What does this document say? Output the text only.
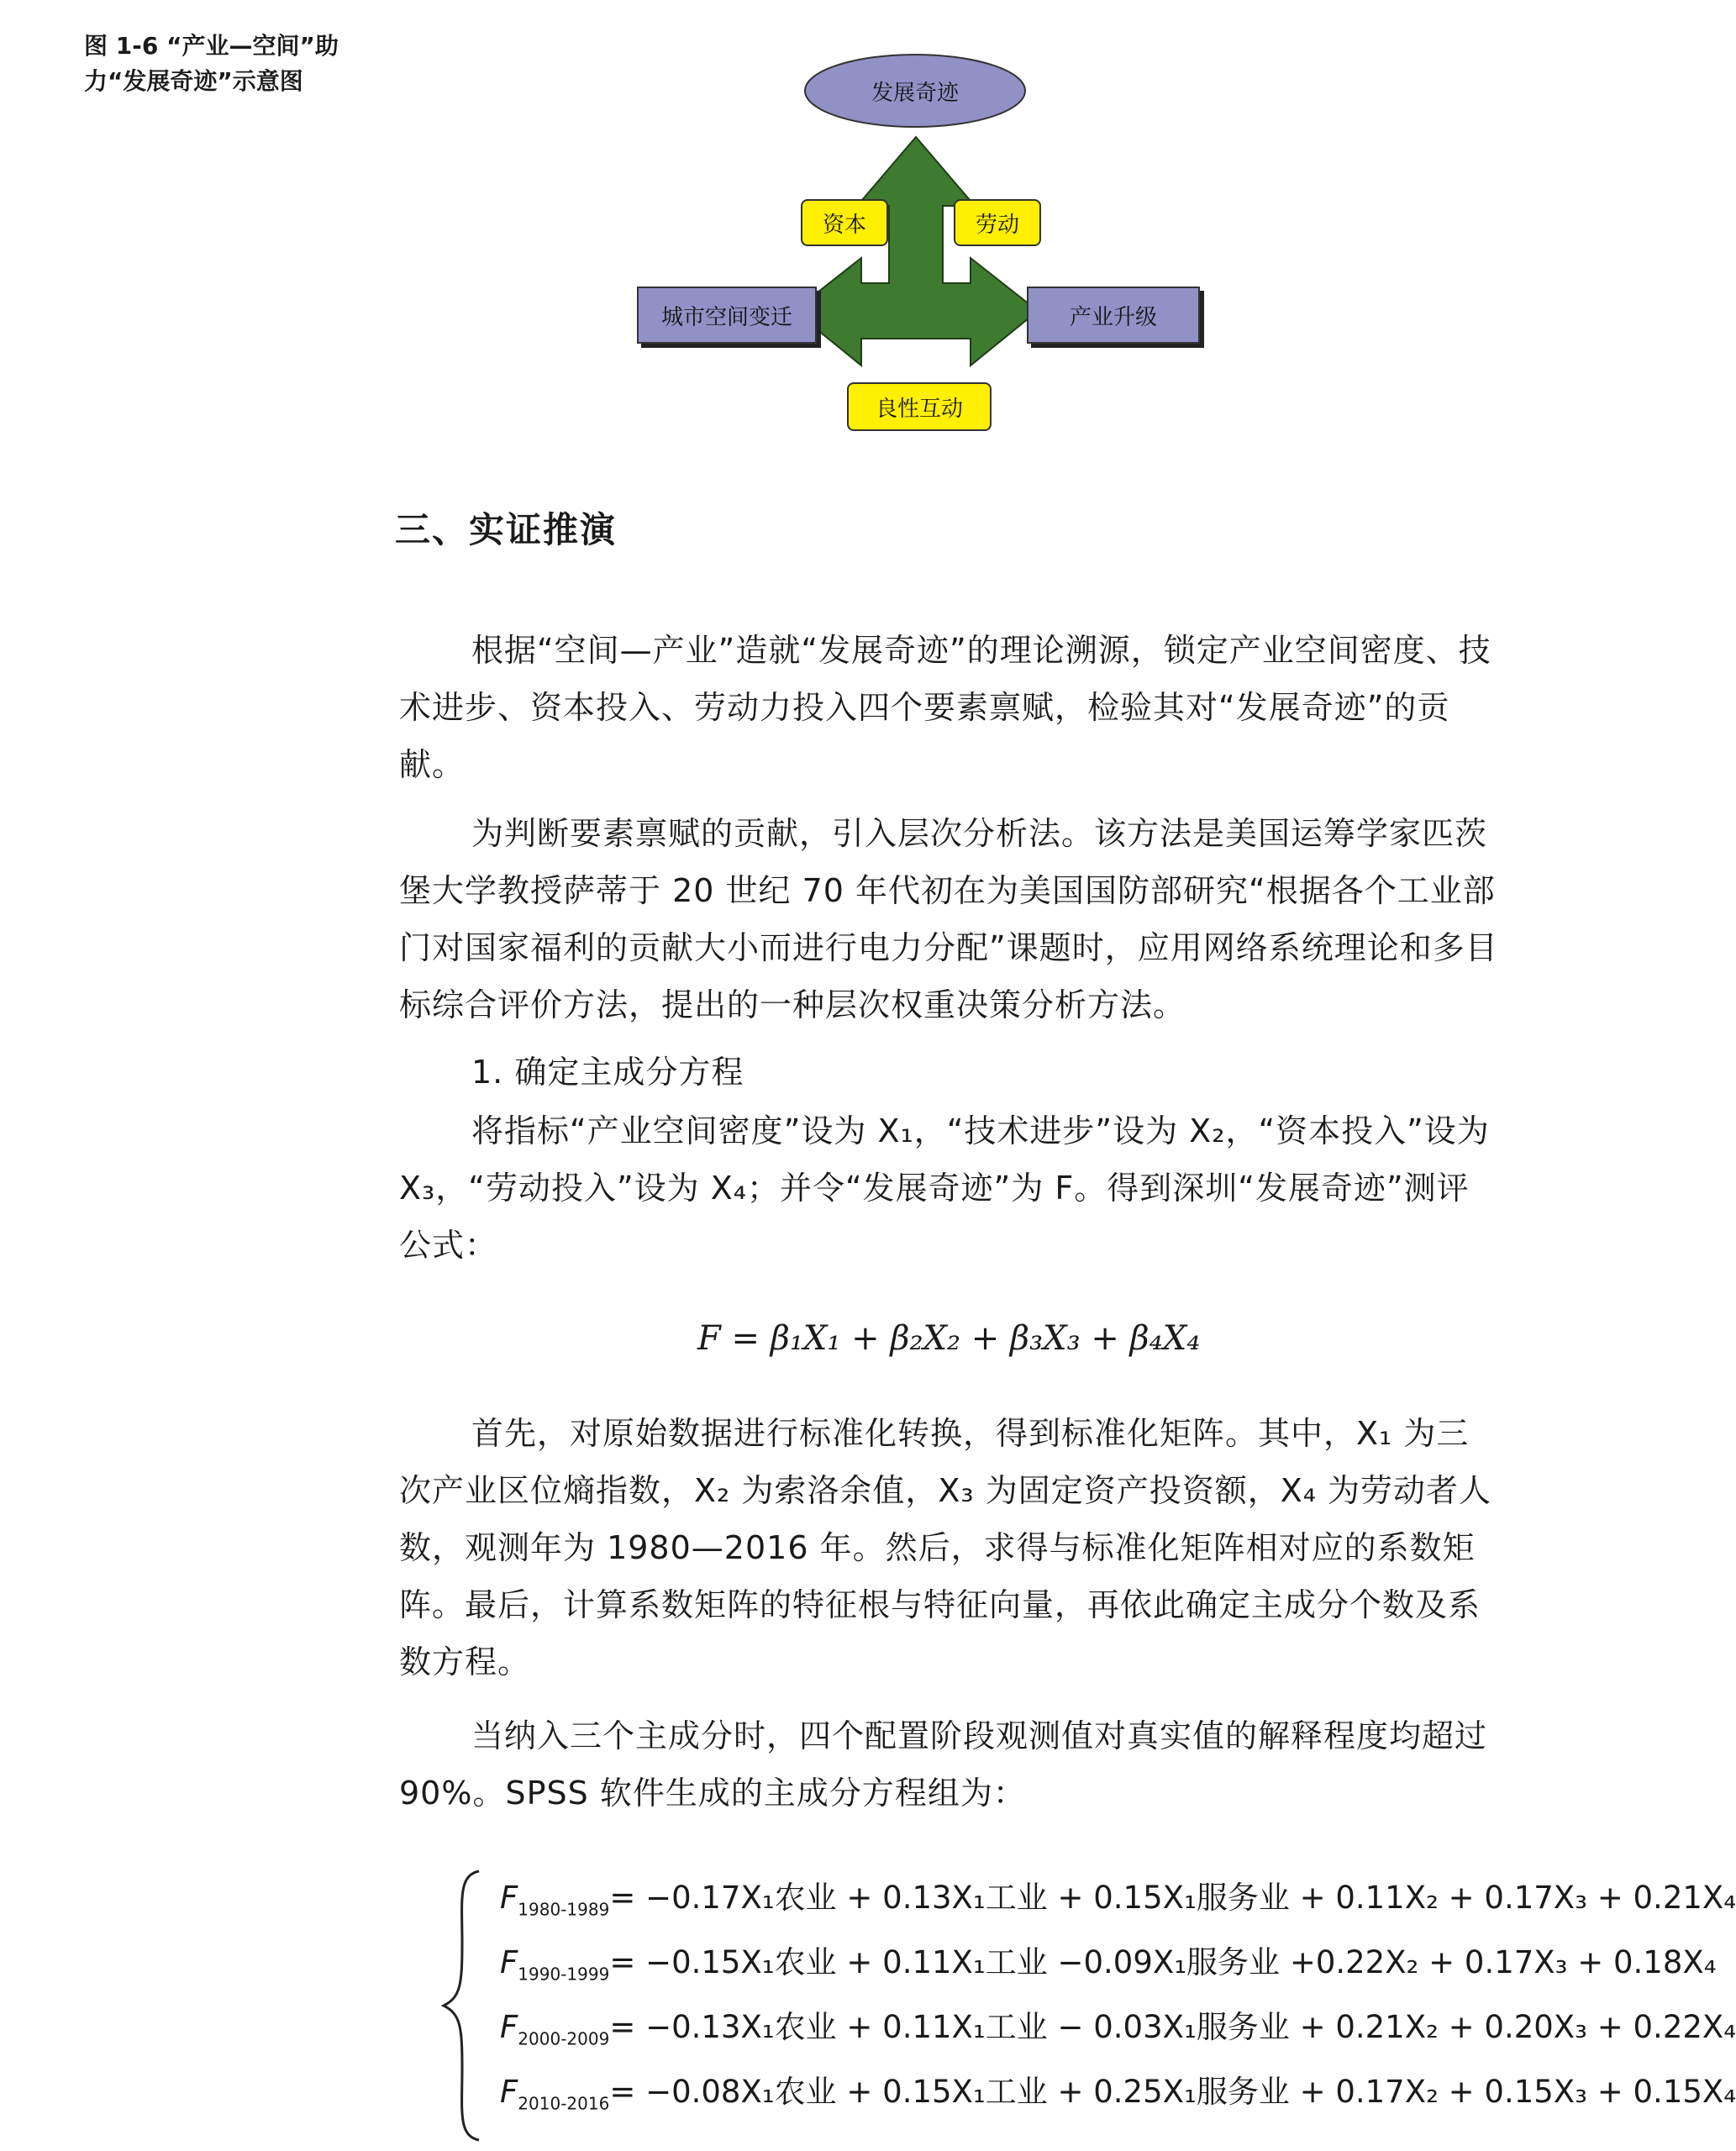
图 1-6 “产业—空间”助力“发展奇迹”示意图	发展奇迹
资本	劳动
城市空间变迁	产业升级
良性互动
三、实证推演

根据“空间—产业”造就“发展奇迹”的理论溯源，锁定产业空间密度、技术进步、资本投入、劳动力投入四个要素禀赋，检验其对“发展奇迹”的贡献。

为判断要素禀赋的贡献，引入层次分析法。该方法是美国运筹学家匹茨堡大学教授萨蒂于 20 世纪 70 年代初在为美国国防部研究“根据各个工业部门对国家福利的贡献大小而进行电力分配”课题时，应用网络系统理论和多目标综合评价方法，提出的一种层次权重决策分析方法。

1. 确定主成分方程

将指标“产业空间密度”设为 X₁，“技术进步”设为 X₂，“资本投入”设为 X₃，“劳动投入”设为 X₄；并令“发展奇迹”为 F。得到深圳“发展奇迹”测评公式：

F = β₁X₁ + β₂X₂ + β₃X₃ + β₄X₄

首先，对原始数据进行标准化转换，得到标准化矩阵。其中，X₁ 为三次产业区位熵指数，X₂ 为索洛余值，X₃ 为固定资产投资额，X₄ 为劳动者人数，观测年为 1980—2016 年。然后，求得与标准化矩阵相对应的系数矩阵。最后，计算系数矩阵的特征根与特征向量，再依此确定主成分个数及系数方程。

当纳入三个主成分时，四个配置阶段观测值对真实值的解释程度均超过 90%。SPSS 软件生成的主成分方程组为：

$F_{1980-1989}= -0.17X_1$农业 + 0.13X₁工业 + 0.15X₁服务业 + 0.11X₂ + 0.17X₃ + 0.21X₄
$F_{1990-1999}= -0.15X_1$农业 + 0.11X₁工业 −0.09X₁服务业 +0.22X₂ + 0.17X₃ + 0.18X₄
$F_{2000-2009}= -0.13X_1$农业 + 0.11X₁工业 − 0.03X₁服务业 + 0.21X₂ + 0.20X₃ + 0.22X₄
$F_{2010-2016}= -0.08X_1$农业 + 0.15X₁工业 + 0.25X₁服务业 + 0.17X₂ + 0.15X₃ + 0.15X₄
